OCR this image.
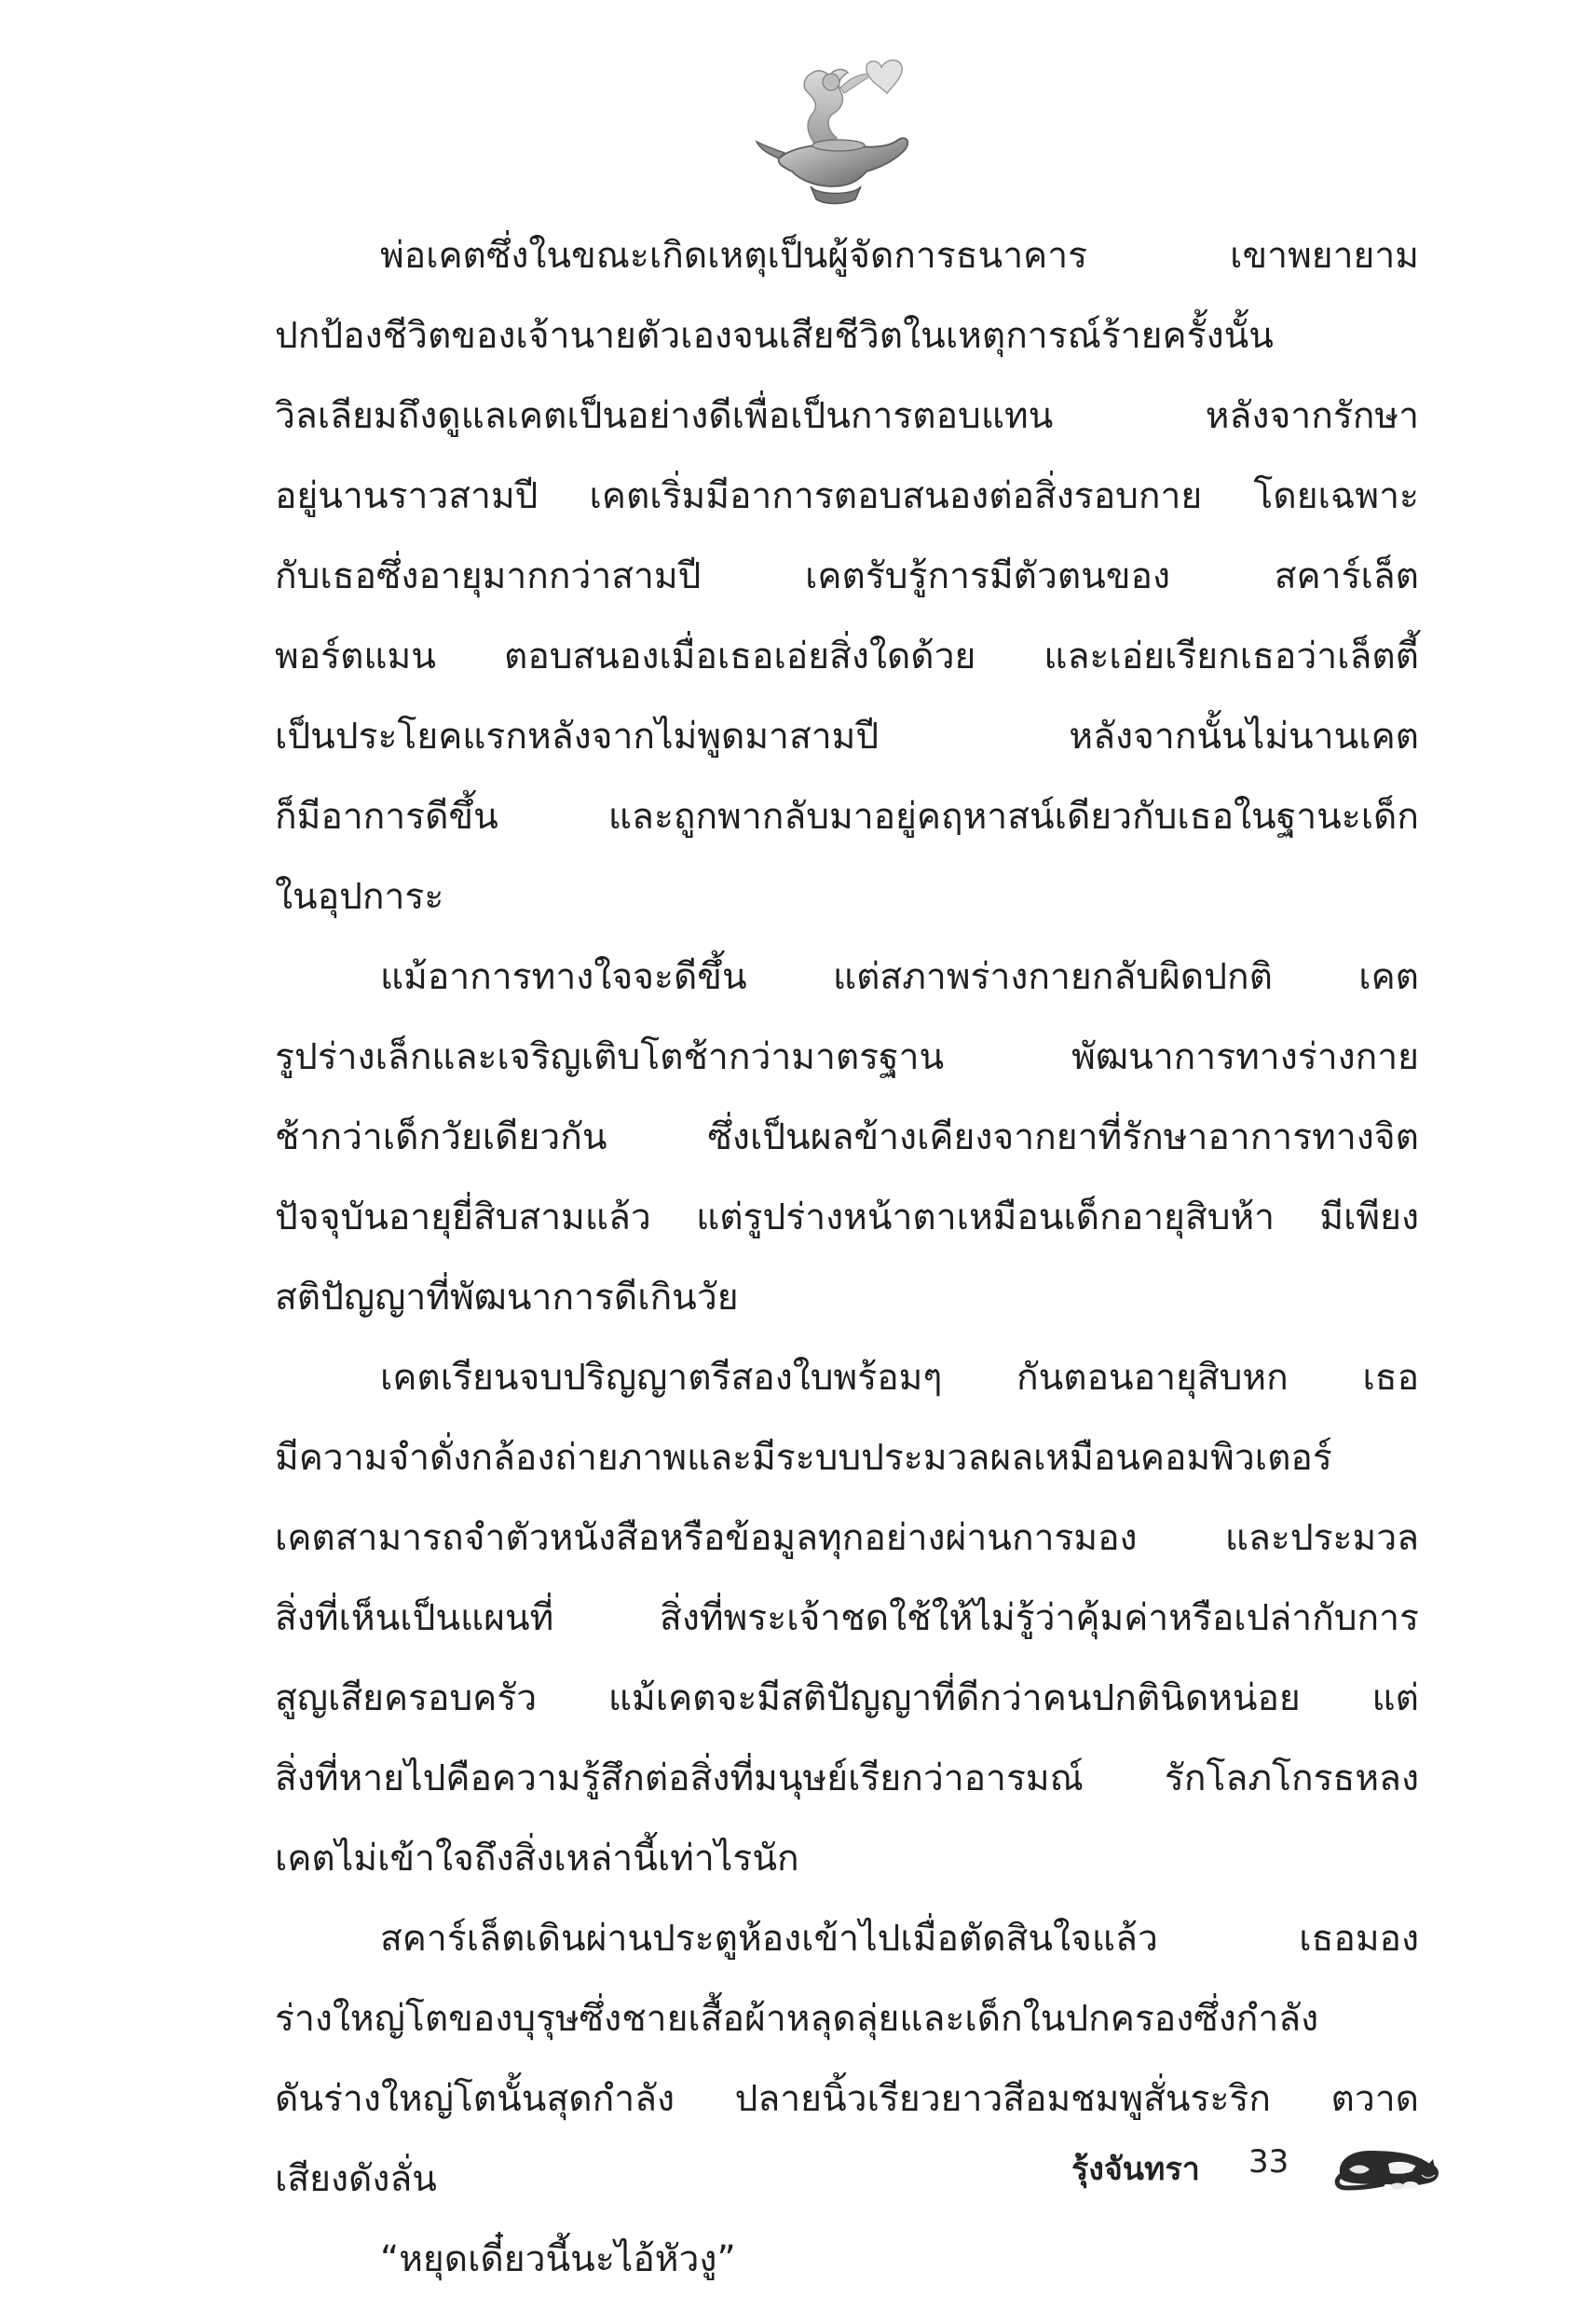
พ่อเคตซึ่งในขณะเกิดเหตุเป็นผู้จัดการธนาคาร เขาพยายาม
ปกป้องชีวิตของเจ้านายตัวเองจนเสียชีวิตในเหตุการณ์ร้ายครั้งนั้น
วิลเลียมถึงดูแลเคตเป็นอย่างดีเพื่อเป็นการตอบแทน หลังจากรักษา
อยู่นานราวสามปี เคตเริ่มมีอาการตอบสนองต่อสิ่งรอบกาย โดยเฉพาะ
กับเธอซึ่งอายุมากกว่าสามปี เคตรับรู้การมีตัวตนของ สคาร์เล็ต
พอร์ตแมน ตอบสนองเมื่อเธอเอ่ยสิ่งใดด้วย และเอ่ยเรียกเธอว่าเล็ตตี้
เป็นประโยคแรกหลังจากไม่พูดมาสามปี หลังจากนั้นไม่นานเคต
ก็มีอาการดีขึ้น และถูกพากลับมาอยู่คฤหาสน์เดียวกับเธอในฐานะเด็ก
ในอุปการะ
แม้อาการทางใจจะดีขึ้น แต่สภาพร่างกายกลับผิดปกติ เคต
รูปร่างเล็กและเจริญเติบโตช้ากว่ามาตรฐาน พัฒนาการทางร่างกาย
ช้ากว่าเด็กวัยเดียวกัน ซึ่งเป็นผลข้างเคียงจากยาที่รักษาอาการทางจิต
ปัจจุบันอายุยี่สิบสามแล้ว แต่รูปร่างหน้าตาเหมือนเด็กอายุสิบห้า มีเพียง
สติปัญญาที่พัฒนาการดีเกินวัย
เคตเรียนจบปริญญาตรีสองใบพร้อมๆ กันตอนอายุสิบหก เธอ
มีความจำดั่งกล้องถ่ายภาพและมีระบบประมวลผลเหมือนคอมพิวเตอร์
เคตสามารถจำตัวหนังสือหรือข้อมูลทุกอย่างผ่านการมอง และประมวล
สิ่งที่เห็นเป็นแผนที่ สิ่งที่พระเจ้าชดใช้ให้ไม่รู้ว่าคุ้มค่าหรือเปล่ากับการ
สูญเสียครอบครัว แม้เคตจะมีสติปัญญาที่ดีกว่าคนปกตินิดหน่อย แต่
สิ่งที่หายไปคือความรู้สึกต่อสิ่งที่มนุษย์เรียกว่าอารมณ์ รักโลภโกรธหลง
เคตไม่เข้าใจถึงสิ่งเหล่านี้เท่าไรนัก
สคาร์เล็ตเดินผ่านประตูห้องเข้าไปเมื่อตัดสินใจแล้ว เธอมอง
ร่างใหญ่โตของบุรุษซึ่งชายเสื้อผ้าหลุดลุ่ยและเด็กในปกครองซึ่งกำลัง
ดันร่างใหญ่โตนั้นสุดกำลัง ปลายนิ้วเรียวยาวสีอมชมพูสั่นระริก ตวาด
เสียงดังลั่น
“หยุดเดี๋ยวนี้นะไอ้หัวงู”
รุ้งจันทรา 33
